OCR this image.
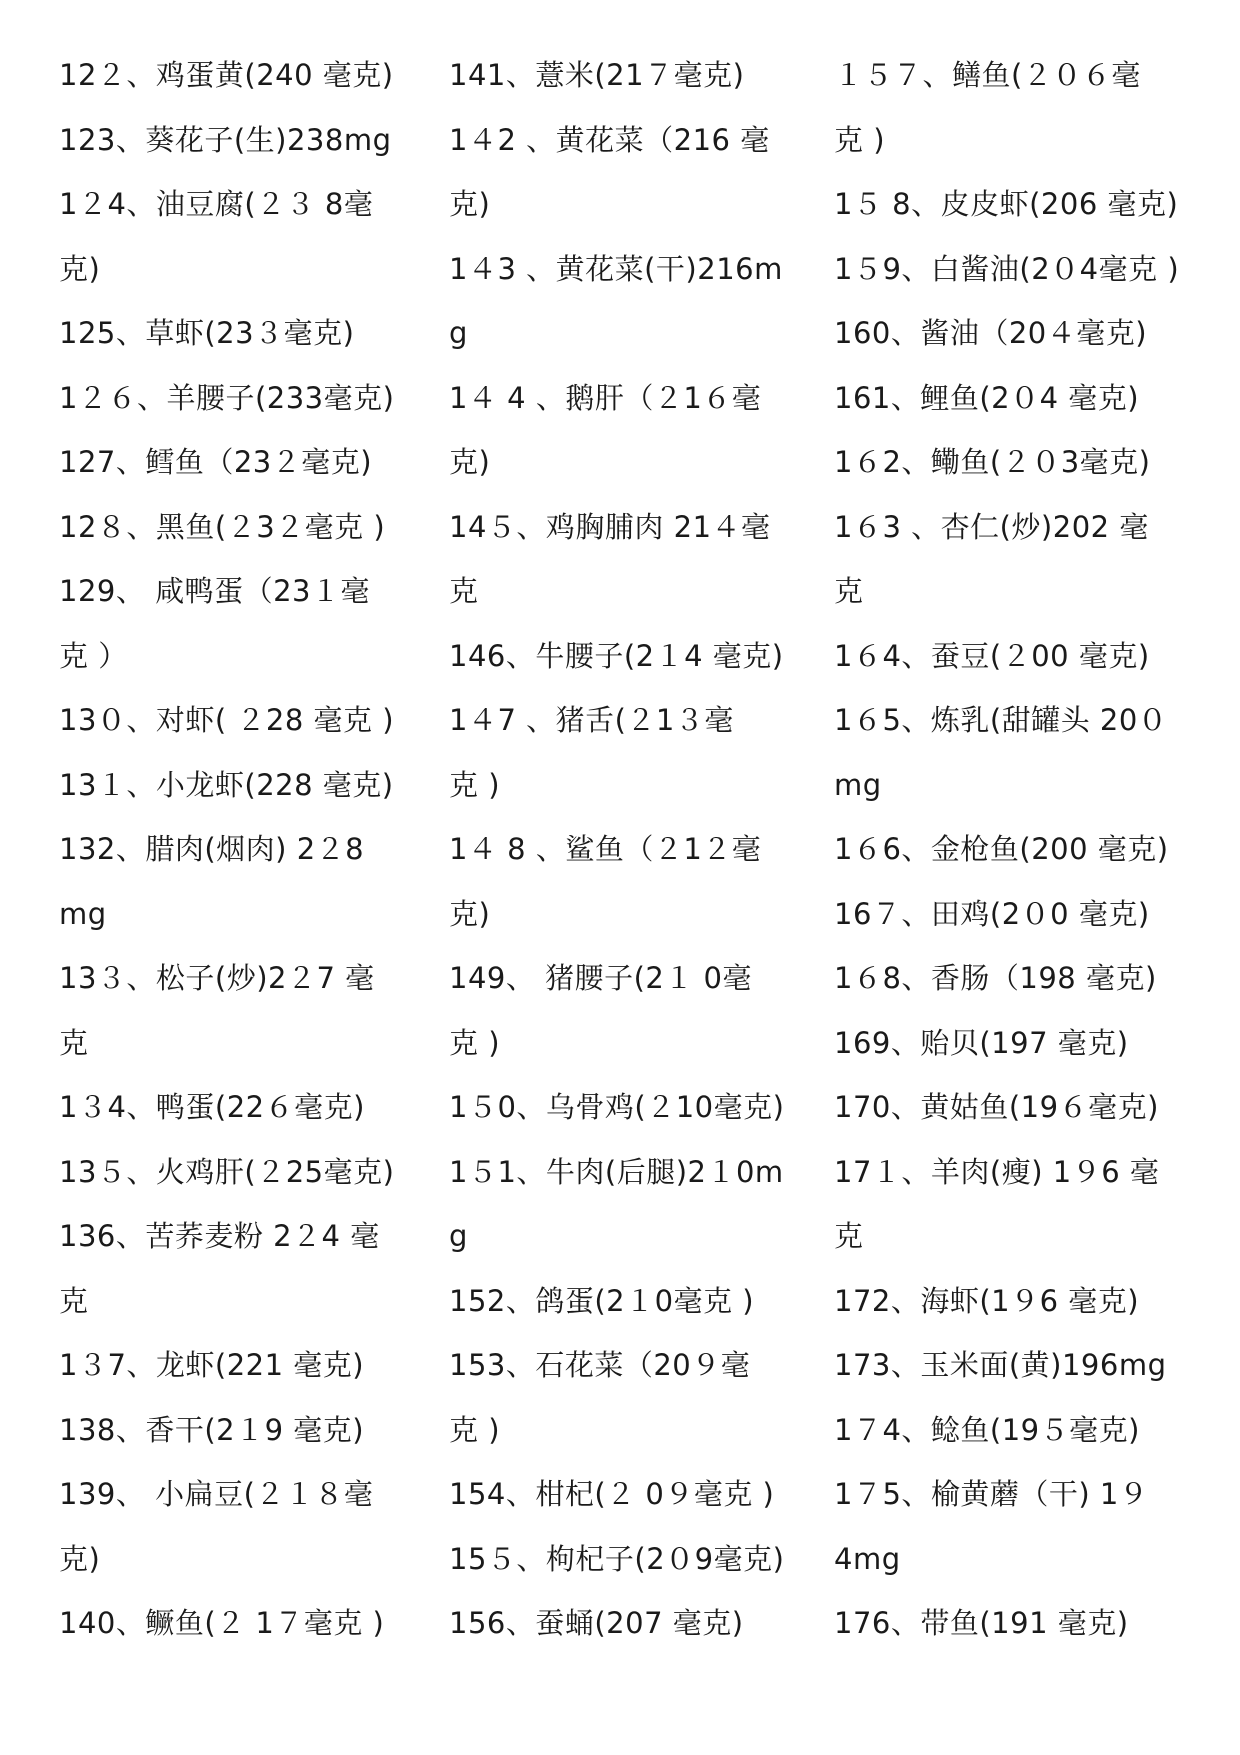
12２、鸡蛋黄(240 毫克)
123、葵花子(生)238mg
1２4、油豆腐(２３ 8毫
克)
125、草虾(23３毫克)
1２６、羊腰子(233毫克)
127、鳕鱼（23２毫克)
12８、黑鱼(２3２毫克 )
129、 咸鸭蛋（23１毫
克 ）
13０、对虾( ２28 毫克 )
13１、小龙虾(228 毫克)
132、腊肉(烟肉) 2２8
mg
13３、松子(炒)2２7 毫
克
1３4、鸭蛋(22６毫克)
13５、火鸡肝(２25毫克)
136、苦荞麦粉 2２4 毫
克
1３7、龙虾(221 毫克)
138、香干(2１9 毫克)
139、 小扁豆(２１８毫
克)
140、鳜鱼(２ 1７毫克 )
141、薏米(21７毫克)
1４2 、黄花菜（216 毫
克)
1４3 、黄花菜(干)216m
g
1４ 4 、鹅肝（２1６毫
克)
14５、鸡胸脯肉 21４毫
克
146、牛腰子(2１4 毫克)
1４7 、猪舌(２1３毫
克 )
1４ 8 、鲨鱼（２1２毫
克)
149、 猪腰子(2１ 0毫
克 )
1５0、乌骨鸡(２10毫克)
1５1、牛肉(后腿)2１0m
g
152、鸽蛋(2１0毫克 )
153、石花菜（20９毫
克 )
154、柑杞(２ 0９毫克 )
15５、枸杞子(2０9毫克)
156、蚕蛹(207 毫克)
１５７、鳝鱼(２０６毫
克 )
1５ 8、皮皮虾(206 毫克)
1５9、白酱油(2０4毫克 )
160、酱油（20４毫克)
161、鲤鱼(2０4 毫克)
1６2、鳓鱼(２０3毫克)
1６3 、杏仁(炒)202 毫
克
1６4、蚕豆(２00 毫克)
1６5、炼乳(甜罐头 20０
mg
1６6、金枪鱼(200 毫克)
16７、田鸡(2０0 毫克)
1６8、香肠（198 毫克)
169、贻贝(197 毫克)
170、黄姑鱼(19６毫克)
17１、羊肉(瘦) 1９6 毫
克
172、海虾(1９6 毫克)
173、玉米面(黄)196mg
1７4、鲶鱼(19５毫克)
1７5、榆黄蘑（干) 1９
4mg
176、带鱼(191 毫克)
